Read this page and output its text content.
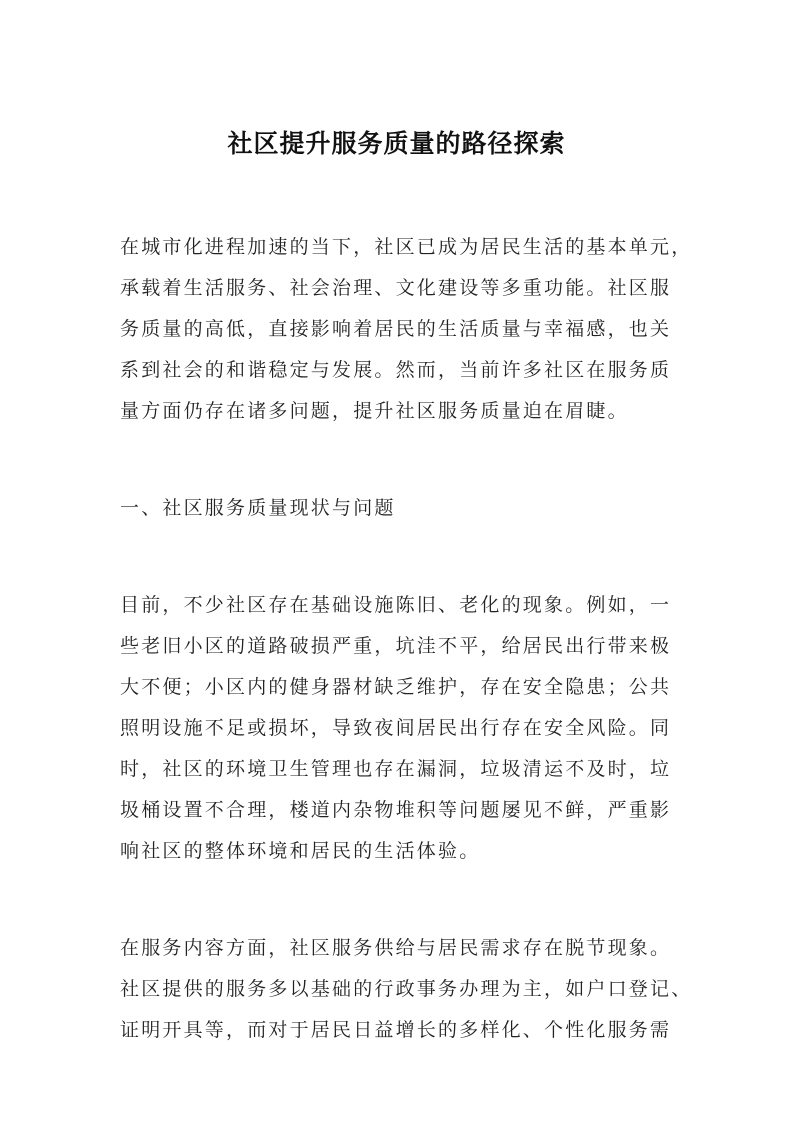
社区提升服务质量的路径探索
在城市化进程加速的当下，社区已成为居民生活的基本单元，
承载着生活服务、社会治理、文化建设等多重功能。社区服
务质量的高低，直接影响着居民的生活质量与幸福感，也关
系到社会的和谐稳定与发展。然而，当前许多社区在服务质
量方面仍存在诸多问题，提升社区服务质量迫在眉睫。
一、社区服务质量现状与问题
目前，不少社区存在基础设施陈旧、老化的现象。例如，一
些老旧小区的道路破损严重，坑洼不平，给居民出行带来极
大不便；小区内的健身器材缺乏维护，存在安全隐患；公共
照明设施不足或损坏，导致夜间居民出行存在安全风险。同
时，社区的环境卫生管理也存在漏洞，垃圾清运不及时，垃
圾桶设置不合理，楼道内杂物堆积等问题屡见不鲜，严重影
响社区的整体环境和居民的生活体验。
在服务内容方面，社区服务供给与居民需求存在脱节现象。
社区提供的服务多以基础的行政事务办理为主，如户口登记、
证明开具等，而对于居民日益增长的多样化、个性化服务需
